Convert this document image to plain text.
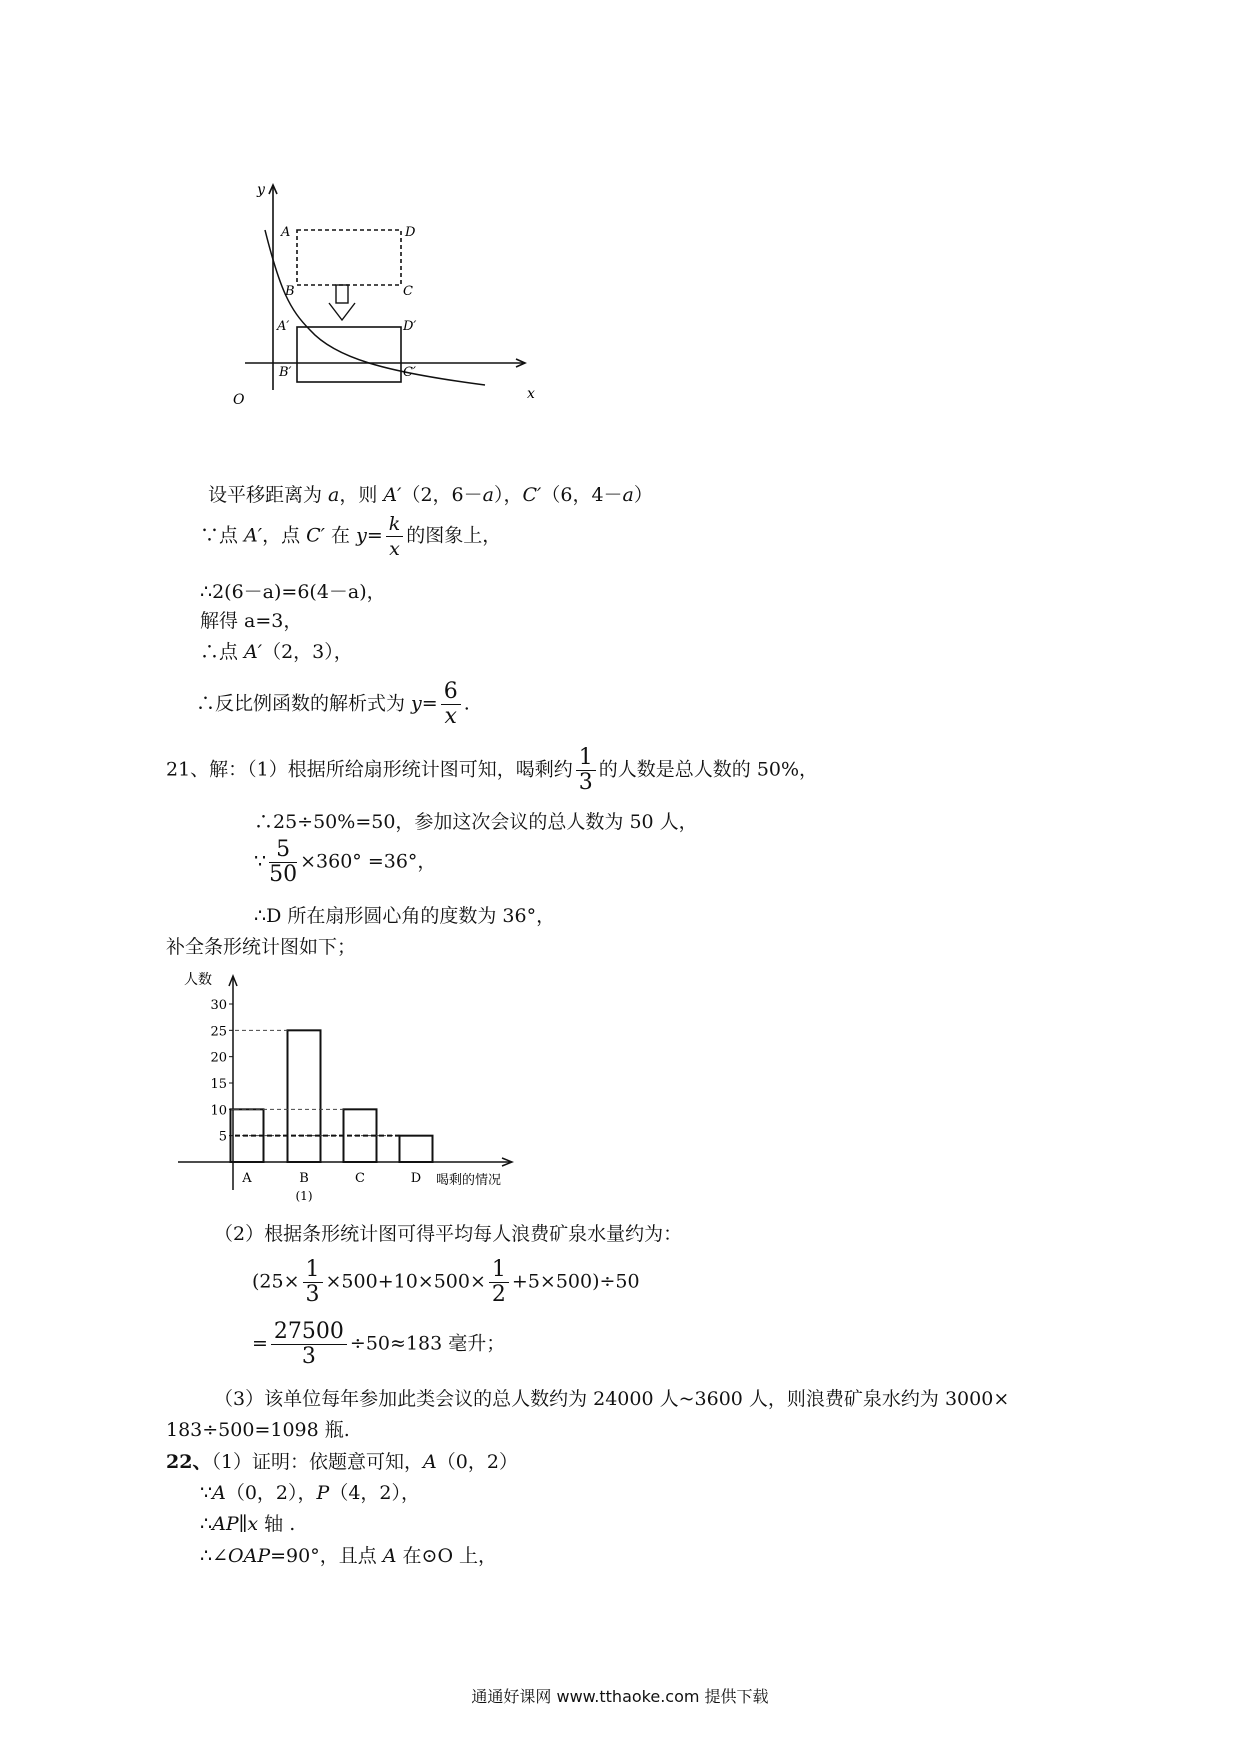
y
x
O
A	D
B	C
A′	D′
B′	C′
设平移距离为 a，则 A′（2，6－a），C′（6，4－a）
∵点 A′，点 C′ 在 $y= \frac{k}{x}$ 的图象上，
∴2(6－a)=6(4－a)，
解得 a=3，
∴点 A′（2，3），
∴反比例函数的解析式为 $y= \frac{6}{x}$ .
21、解：（1）根据所给扇形统计图可知，喝剩约 $\frac{1}{3}$ 的人数是总人数的 50%，
∴25÷50%=50，参加这次会议的总人数为 50 人，
∵ $\frac{5}{50} \times 360^\circ =36^\circ$，
∴D 所在扇形圆心角的度数为 36°，
补全条形统计图如下；
人数
5
10
15
20
25
30
A	B	C	D 喝剩的情况
(1)
（2）根据条形统计图可得平均每人浪费矿泉水量约为：
$(25\times \frac{1}{3} \times 500+10\times 500\times \frac{1}{2} +5\times 500)\div 50$
= $\frac{27500}{3} \div 50\approx 183$ 毫升；
（3）该单位每年参加此类会议的总人数约为 24000 人~3600 人，则浪费矿泉水约为 3000×
183÷500=1098 瓶.
22、（1）证明：依题意可知，A（0，2）
∵A（0，2），P（4，2），
∴AP∥x 轴 .
∴∠OAP=90°，且点 A 在⊙O 上，
通通好课网 www.tthaoke.com 提供下载
